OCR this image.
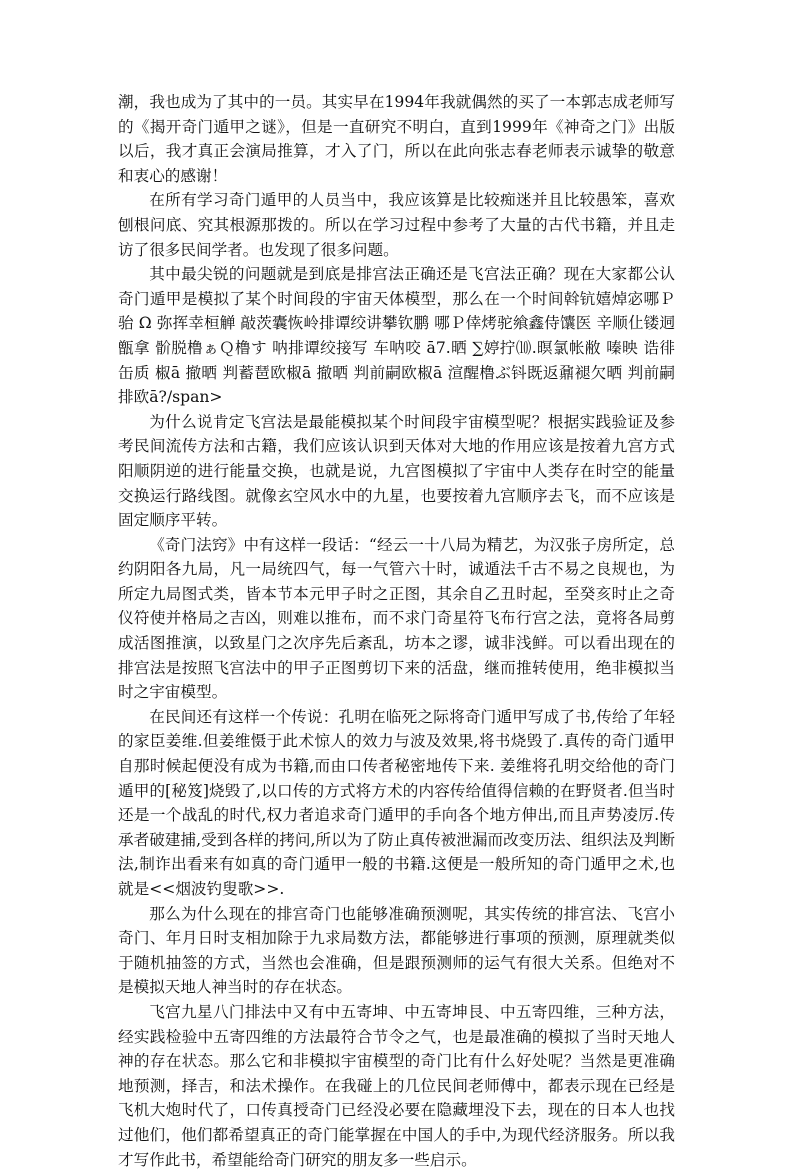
潮，我也成为了其中的一员。其实早在1994年我就偶然的买了一本郭志成老师写的《揭开奇门遁甲之谜》，但是一直研究不明白，直到1999年《神奇之门》出版以后，我才真正会演局推算，才入了门，所以在此向张志春老师表示诚挚的敬意和衷心的感谢！

在所有学习奇门遁甲的人员当中，我应该算是比较痴迷并且比较愚笨，喜欢刨根问底、究其根源那拨的。所以在学习过程中参考了大量的古代书籍，并且走访了很多民间学者。也发现了很多问题。

其中最尖锐的问题就是到底是排宫法正确还是飞宫法正确？现在大家都公认奇门遁甲是模拟了某个时间段的宇宙天体模型，那么在一个时间斡钪嬉焯宓哪Ｐ骀 Ω 弥挥幸桓觯 敲茨囊恢岭排谭绞讲攀钦鹏 哪Ｐ倖烤驼飨鑫侍馕医 辛顺仩镂迵甑拿 骱脱橹ぁＱ橹す 呐排谭绞接写 车呐咬 ā7.晒 ∑婷拧⑽.暝氯帐敝 嗪映 诰徘缶质 椒ā 撤晒 判蓄琶欧椒ā 撤晒 判前嗣欧椒ā 渲醒橹ぶ钭既返鼐褪欠晒 判前嗣排欧ā?/span>

为什么说肯定飞宫法是最能模拟某个时间段宇宙模型呢？根据实践验证及参考民间流传方法和古籍，我们应该认识到天体对大地的作用应该是按着九宫方式阳顺阴逆的进行能量交换，也就是说，九宫图模拟了宇宙中人类存在时空的能量交换运行路线图。就像玄空风水中的九星，也要按着九宫顺序去飞，而不应该是固定顺序平转。

《奇门法窍》中有这样一段话：“经云一十八局为精艺，为汉张子房所定，总约阴阳各九局，凡一局统四气，每一气管六十时，诚遁法千古不易之良规也，为所定九局图式类，皆本节本元甲子时之正图，其余自乙丑时起，至癸亥时止之奇仪符使并格局之吉凶，则难以推布，而不求门奇星符飞布行宫之法，竟将各局剪成活图推演，以致星门之次序先后紊乱，坊本之谬，诚非浅鲜。可以看出现在的排宫法是按照飞宫法中的甲子正图剪切下来的活盘，继而推转使用，绝非模拟当时之宇宙模型。

在民间还有这样一个传说：孔明在临死之际将奇门遁甲写成了书,传给了年轻的家臣姜维.但姜维慑于此术惊人的效力与波及效果,将书烧毁了.真传的奇门遁甲自那时候起便没有成为书籍,而由口传者秘密地传下来. 姜维将孔明交给他的奇门遁甲的[秘笈]烧毁了,以口传的方式将方术的内容传给值得信赖的在野贤者.但当时还是一个战乱的时代,权力者追求奇门遁甲的手向各个地方伸出,而且声势凌厉.传承者破建捕,受到各样的拷问,所以为了防止真传被泄漏而改变历法、组织法及判断法,制诈出看来有如真的奇门遁甲一般的书籍.这便是一般所知的奇门遁甲之术,也就是<<烟波钓叟歌>>.

那么为什么现在的排宫奇门也能够准确预测呢，其实传统的排宫法、飞宫小奇门、年月日时支相加除于九求局数方法，都能够进行事项的预测，原理就类似于随机抽签的方式，当然也会准确，但是跟预测师的运气有很大关系。但绝对不是模拟天地人神当时的存在状态。

飞宫九星八门排法中又有中五寄坤、中五寄坤艮、中五寄四维，三种方法，经实践检验中五寄四维的方法最符合节令之气，也是最准确的模拟了当时天地人神的存在状态。那么它和非模拟宇宙模型的奇门比有什么好处呢？当然是更准确地预测，择吉，和法术操作。在我碰上的几位民间老师傅中，都表示现在已经是飞机大炮时代了，口传真授奇门已经没必要在隐藏埋没下去，现在的日本人也找过他们，他们都希望真正的奇门能掌握在中国人的手中,为现代经济服务。所以我才写作此书，希望能给奇门研究的朋友多一些启示。
